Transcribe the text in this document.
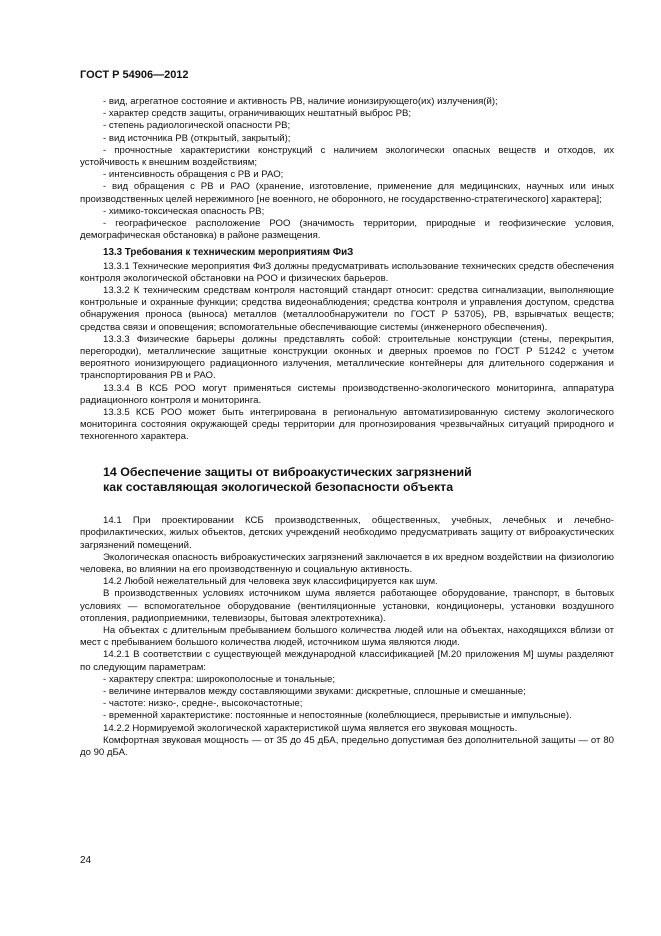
ГОСТ Р 54906—2012

- вид, агрегатное состояние и активность РВ, наличие ионизирующего(их) излучения(й);

- характер средств защиты, ограничивающих нештатный выброс РВ;

- степень радиологической опасности РВ;

- вид источника РВ (открытый, закрытый);

- прочностные характеристики конструкций с наличием экологически опасных веществ и отходов, их устойчивость к внешним воздействиям;

- интенсивность обращения с РВ и РАО;

- вид обращения с РВ и РАО (хранение, изготовление, применение для медицинских, научных или иных производственных целей нережимного [не военного, не оборонного, не государственно-стратегического] характера];

- химико-токсическая опасность РВ;

- географическое расположение РОО (значимость территории, природные и геофизические условия, демографическая обстановка) в районе размещения.

13.3 Требования к техническим мероприятиям ФиЗ

13.3.1 Технические мероприятия ФиЗ должны предусматривать использование технических средств обеспечения контроля экологической обстановки на РОО и физических барьеров.

13.3.2 К техническим средствам контроля настоящий стандарт относит: средства сигнализации, выполняющие контрольные и охранные функции; средства видеонаблюдения; средства контроля и управления доступом, средства обнаружения проноса (выноса) металлов (металлообнаружители по ГОСТ Р 53705), РВ, взрывчатых веществ; средства связи и оповещения; вспомогательные обеспечивающие системы (инженерного обеспечения).

13.3.3 Физические барьеры должны представлять собой: строительные конструкции (стены, перекрытия, перегородки), металлические защитные конструкции оконных и дверных проемов по ГОСТ Р 51242 с учетом вероятного ионизирующего радиационного излучения, металлические контейнеры для длительного содержания и транспортирования РВ и РАО.

13.3.4 В КСБ РОО могут применяться системы производственно-экологического мониторинга, аппаратура радиационного контроля и мониторинга.

13.3.5 КСБ РОО может быть интегрирована в региональную автоматизированную систему экологического мониторинга состояния окружающей среды территории для прогнозирования чрезвычайных ситуаций природного и техногенного характера.

14 Обеспечение защиты от виброакустических загрязнений
как составляющая экологической безопасности объекта

14.1 При проектировании КСБ производственных, общественных, учебных, лечебных и лечебно-профилактических, жилых объектов, детских учреждений необходимо предусматривать защиту от виброакустических загрязнений помещений.

Экологическая опасность виброакустических загрязнений заключается в их вредном воздействии на физиологию человека, во влиянии на его производственную и социальную активность.

14.2 Любой нежелательный для человека звук классифицируется как шум.

В производственных условиях источником шума является работающее оборудование, транспорт, в бытовых условиях — вспомогательное оборудование (вентиляционные установки, кондиционеры, установки воздушного отопления, радиоприемники, телевизоры, бытовая электротехника).

На объектах с длительным пребыванием большого количества людей или на объектах, находящихся вблизи от мест с пребыванием большого количества людей, источником шума являются люди.

14.2.1 В соответствии с существующей международной классификацией [М.20 приложения М] шумы разделяют по следующим параметрам:

- характеру спектра: широкополосные и тональные;

- величине интервалов между составляющими звуками: дискретные, сплошные и смешанные;

- частоте: низко-, средне-, высокочастотные;

- временной характеристике: постоянные и непостоянные (колеблющиеся, прерывистые и импульсные).

14.2.2 Нормируемой экологической характеристикой шума является его звуковая мощность.

Комфортная звуковая мощность — от 35 до 45 дБА, предельно допустимая без дополнительной защиты — от 80 до 90 дБА.

24
